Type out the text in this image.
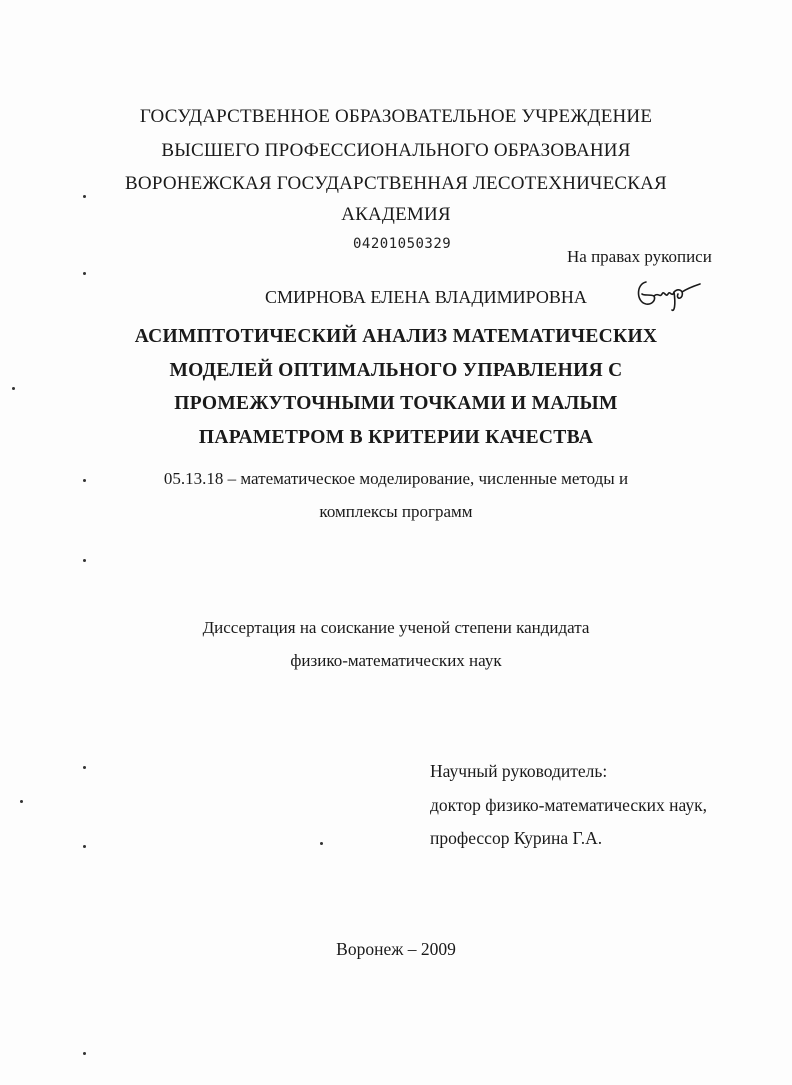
ГОСУДАРСТВЕННОЕ ОБРАЗОВАТЕЛЬНОЕ УЧРЕЖДЕНИЕ
ВЫСШЕГО ПРОФЕССИОНАЛЬНОГО ОБРАЗОВАНИЯ
ВОРОНЕЖСКАЯ ГОСУДАРСТВЕННАЯ ЛЕСОТЕХНИЧЕСКАЯ
АКАДЕМИЯ
04201050329
На правах рукописи
СМИРНОВА ЕЛЕНА ВЛАДИМИРОВНА
АСИМПТОТИЧЕСКИЙ АНАЛИЗ МАТЕМАТИЧЕСКИХ
МОДЕЛЕЙ ОПТИМАЛЬНОГО УПРАВЛЕНИЯ С
ПРОМЕЖУТОЧНЫМИ ТОЧКАМИ И МАЛЫМ
ПАРАМЕТРОМ В КРИТЕРИИ КАЧЕСТВА
05.13.18 – математическое моделирование, численные методы и
комплексы программ
Диссертация на соискание ученой степени кандидата
физико-математических наук
Научный руководитель:
доктор физико-математических наук,
профессор Курина Г.А.
Воронеж – 2009
